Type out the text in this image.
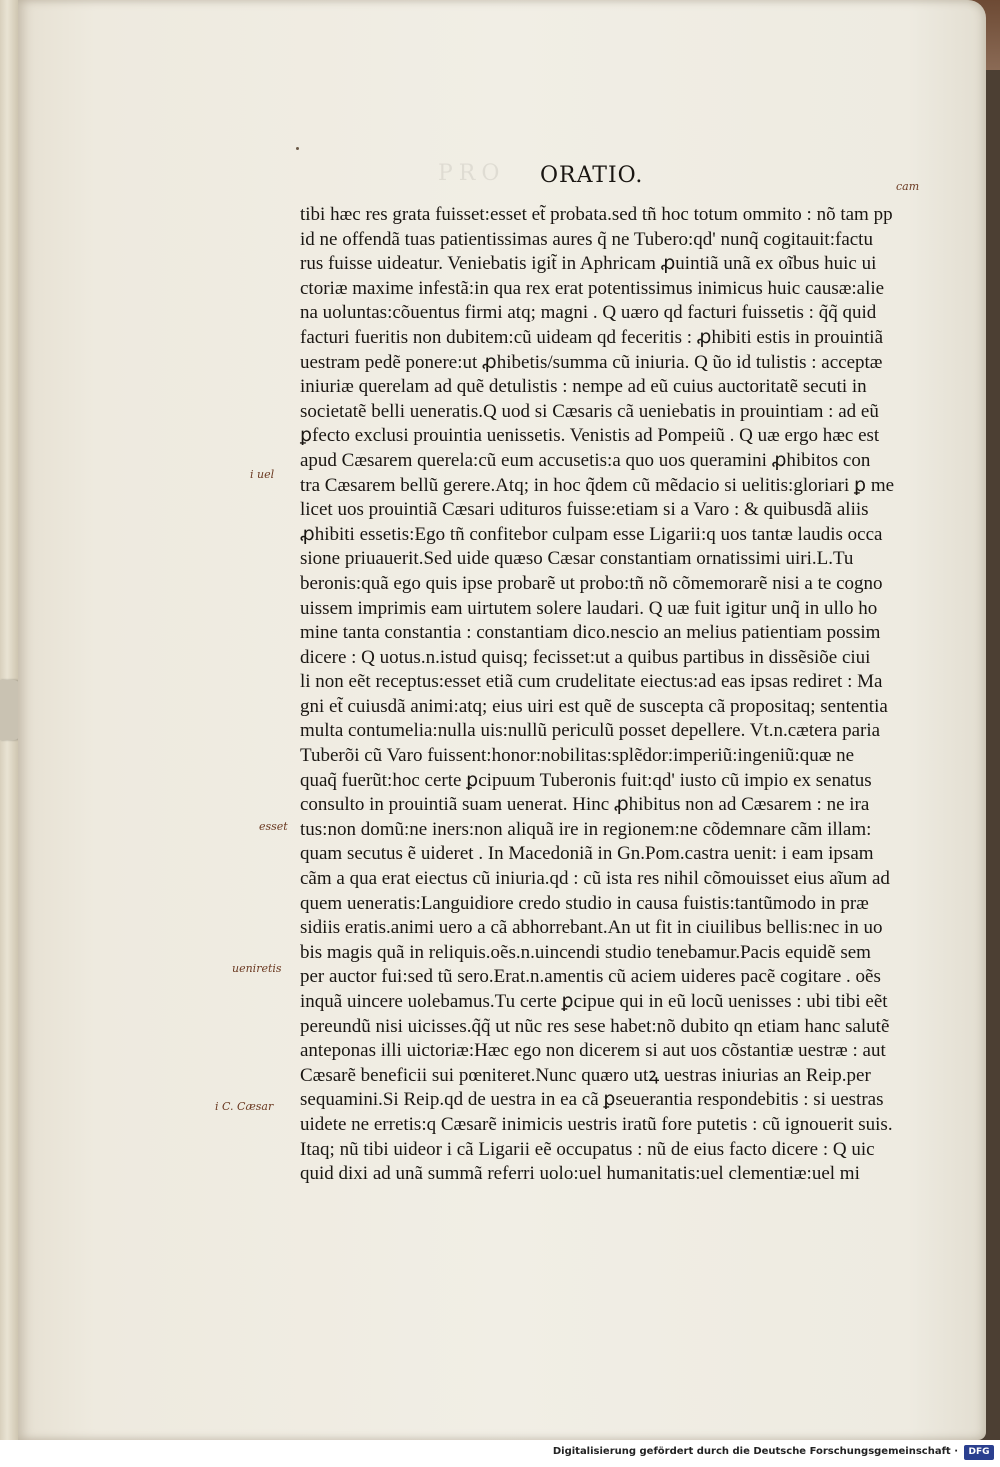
PRO ORATIO.
tibi hæc res grata fuisset:esset et̃ probata.sed tñ hoc totum ommito : nõ tam pp
id ne offendã tuas patientissimas aures q̃ ne Tubero:qd' nunq̃ cogitauit:factu
rus fuisse uideatur. Veniebatis igit̃ in Aphricam ꝓuintiã unã ex oĩbus huic ui
ctoriæ maxime infestã:in qua rex erat potentissimus inimicus huic causæ:alie
na uoluntas:cõuentus firmi atq; magni . Q uæro qd facturi fuissetis : q̃q̃ quid
facturi fueritis non dubitem:cũ uideam qd feceritis : ꝓhibiti estis in prouintiã
uestram pedẽ ponere:ut ꝓhibetis/summa cũ iniuria. Q ũo id tulistis : acceptæ
iniuriæ querelam ad quẽ detulistis : nempe ad eũ cuius auctoritatẽ secuti in
societatẽ belli ueneratis.Q uod si Cæsaris cã ueniebatis in prouintiam : ad eũ
ꝑfecto exclusi prouintia uenissetis. Venistis ad Pompeiũ . Q uæ ergo hæc est
apud Cæsarem querela:cũ eum accusetis:a quo uos queramini ꝓhibitos con
tra Cæsarem bellũ gerere.Atq; in hoc q̃dem cũ mẽdacio si uelitis:gloriari ꝑ me
licet uos prouintiã Cæsari udituros fuisse:etiam si a Varo : & quibusdã aliis
ꝓhibiti essetis:Ego tñ confitebor culpam esse Ligarii:q uos tantæ laudis occa
sione priuauerit.Sed uide quæso Cæsar constantiam ornatissimi uiri.L.Tu
beronis:quã ego quis ipse probarẽ ut probo:tñ nõ cõmemorarẽ nisi a te cogno
uissem imprimis eam uirtutem solere laudari. Q uæ fuit igitur unq̃ in ullo ho
mine tanta constantia : constantiam dico.nescio an melius patientiam possim
dicere : Q uotus.n.istud quisq; fecisset:ut a quibus partibus in dissẽsiõe ciui
li non eẽt receptus:esset etiã cum crudelitate eiectus:ad eas ipsas rediret : Ma
gni et̃ cuiusdã animi:atq; eius uiri est quẽ de suscepta cã propositaq; sententia
multa contumelia:nulla uis:nullũ periculũ posset depellere. Vt.n.cætera paria
Tuberõi cũ Varo fuissent:honor:nobilitas:splẽdor:imperiũ:ingeniũ:quæ ne
quaq̃ fuerũt:hoc certe ꝑcipuum Tuberonis fuit:qd' iusto cũ impio ex senatus
consulto in prouintiã suam uenerat. Hinc ꝓhibitus non ad Cæsarem : ne ira
tus:non domũ:ne iners:non aliquã ire in regionem:ne cõdemnare cãm illam:
quam secutus ẽ uideret . In Macedoniã in Gn.Pom.castra uenit: i eam ipsam
cãm a qua erat eiectus cũ iniuria.qd : cũ ista res nihil cõmouisset eius aĩum ad
quem ueneratis:Languidiore credo studio in causa fuistis:tantũmodo in præ
sidiis eratis.animi uero a cã abhorrebant.An ut fit in ciuilibus bellis:nec in uo
bis magis quã in reliquis.oẽs.n.uincendi studio tenebamur.Pacis equidẽ sem
per auctor fui:sed tũ sero.Erat.n.amentis cũ aciem uideres pacẽ cogitare . oẽs
inquã uincere uolebamus.Tu certe ꝑcipue qui in eũ locũ uenisses : ubi tibi eẽt
pereundũ nisi uicisses.q̃q̃ ut nũc res sese habet:nõ dubito qn etiam hanc salutẽ
anteponas illi uictoriæ:Hæc ego non dicerem si aut uos cõstantiæ uestræ : aut
Cæsarẽ beneficii sui pœniteret.Nunc quæro utꝝ uestras iniurias an Reip.per
sequamini.Si Reip.qd de uestra in ea cã ꝑseuerantia respondebitis : si uestras
uidete ne erretis:q Cæsarẽ inimicis uestris iratũ fore putetis : cũ ignouerit suis.
Itaq; nũ tibi uideor i cã Ligarii eẽ occupatus : nũ de eius facto dicere : Q uic
quid dixi ad unã summã referri uolo:uel humanitatis:uel clementiæ:uel mi
cam
i uel
esset
ueniretis
i C. Cæsar
Digitalisierung gefördert durch die Deutsche Forschungsgemeinschaft ·	DFG
